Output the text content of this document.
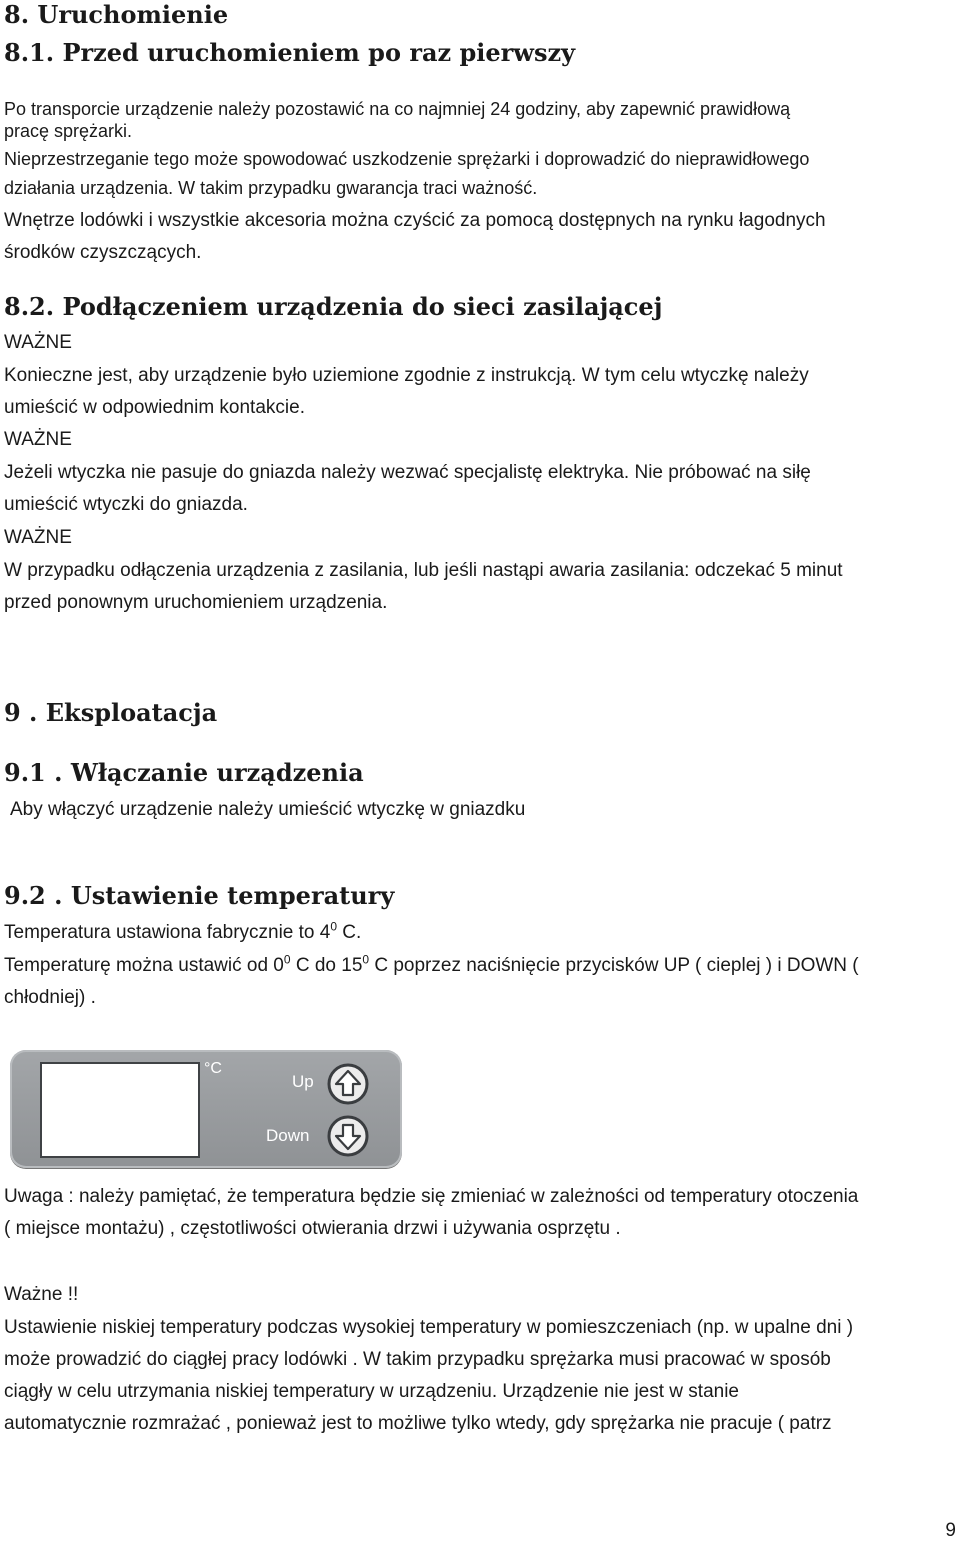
8. Uruchomienie
8.1. Przed uruchomieniem po raz pierwszy
Po transporcie urządzenie należy pozostawić na co najmniej 24 godziny, aby zapewnić prawidłową
pracę sprężarki.
Nieprzestrzeganie tego może spowodować uszkodzenie sprężarki i doprowadzić do nieprawidłowego
działania urządzenia. W takim przypadku gwarancja traci ważność.
Wnętrze lodówki i wszystkie akcesoria można czyścić za pomocą dostępnych na rynku łagodnych
środków czyszczących.
8.2. Podłączeniem urządzenia do sieci zasilającej
WAŻNE
Konieczne jest, aby urządzenie było uziemione zgodnie z instrukcją. W tym celu wtyczkę należy
umieścić w odpowiednim kontakcie.
WAŻNE
Jeżeli wtyczka nie pasuje do gniazda należy wezwać specjalistę elektryka. Nie próbować na siłę
umieścić wtyczki do gniazda.
WAŻNE
W przypadku odłączenia urządzenia z zasilania, lub jeśli nastąpi awaria zasilania: odczekać 5 minut
przed ponownym uruchomieniem urządzenia.
9 . Eksploatacja
9.1 . Włączanie urządzenia
Aby włączyć urządzenie należy umieścić wtyczkę w gniazdku
9.2 . Ustawienie temperatury
Temperatura ustawiona fabrycznie to $4^0$ C.
Temperaturę można ustawić od $0^0$ C do $15^0$ C poprzez naciśnięcie przycisków UP ( cieplej ) i DOWN (
chłodniej) .
°C
Up
Down
Uwaga : należy pamiętać, że temperatura będzie się zmieniać w zależności od temperatury otoczenia
( miejsce montażu) , częstotliwości otwierania drzwi i używania osprzętu .
Ważne !!
Ustawienie niskiej temperatury podczas wysokiej temperatury w pomieszczeniach (np. w upalne dni )
może prowadzić do ciągłej pracy lodówki . W takim przypadku sprężarka musi pracować w sposób
ciągły w celu utrzymania niskiej temperatury w urządzeniu. Urządzenie nie jest w stanie
automatycznie rozmrażać , ponieważ jest to możliwe tylko wtedy, gdy sprężarka nie pracuje ( patrz
9
